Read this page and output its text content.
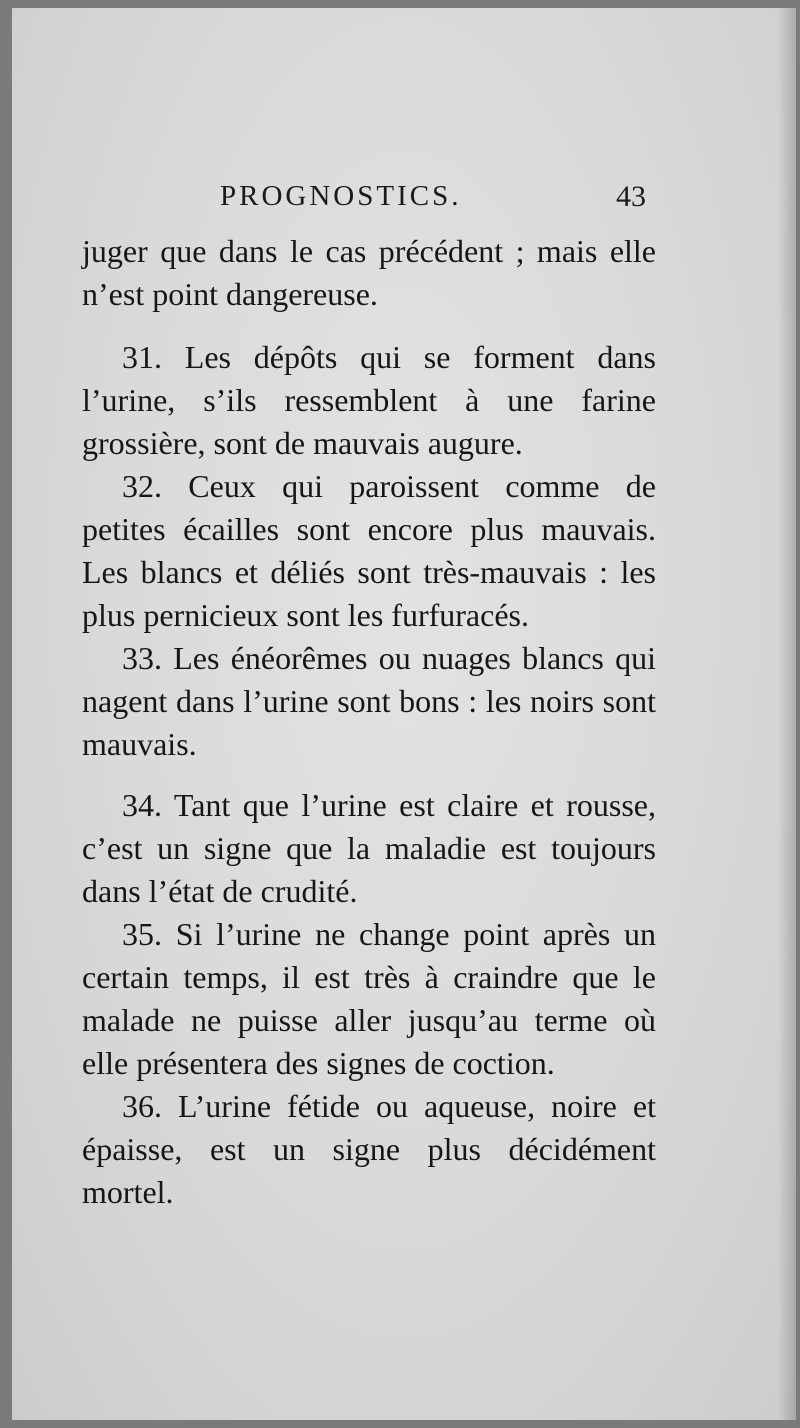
PROGNOSTICS.	43

juger que dans le cas précédent ; mais elle n’est point dangereuse.

31. Les dépôts qui se forment dans l’urine, s’ils ressemblent à une farine grossière, sont de mauvais augure.

32. Ceux qui paroissent comme de petites écailles sont encore plus mauvais. Les blancs et déliés sont très-mauvais : les plus pernicieux sont les furfuracés.

33. Les énéorêmes ou nuages blancs qui nagent dans l’urine sont bons : les noirs sont mauvais.

34. Tant que l’urine est claire et rousse, c’est un signe que la maladie est toujours dans l’état de crudité.

35. Si l’urine ne change point après un certain temps, il est très à craindre que le malade ne puisse aller jusqu’au terme où elle présentera des signes de coction.

36. L’urine fétide ou aqueuse, noire et épaisse, est un signe plus décidément mortel.
